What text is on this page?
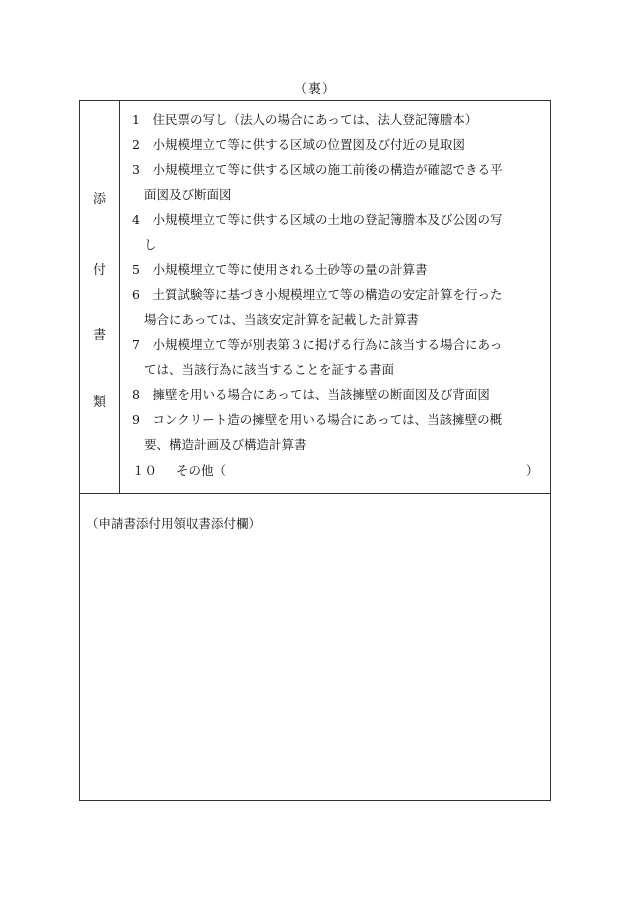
（裏）
添
付
書
類
1　住民票の写し（法人の場合にあっては、法人登記簿謄本）
2　小規模埋立て等に供する区域の位置図及び付近の見取図
3　小規模埋立て等に供する区域の施工前後の構造が確認できる平
面図及び断面図
4　小規模埋立て等に供する区域の土地の登記簿謄本及び公図の写
し
5　小規模埋立て等に使用される土砂等の量の計算書
6　土質試験等に基づき小規模埋立て等の構造の安定計算を行った
場合にあっては、当該安定計算を記載した計算書
7　小規模埋立て等が別表第３に掲げる行為に該当する場合にあっ
ては、当該行為に該当することを証する書面
8　擁壁を用いる場合にあっては、当該擁壁の断面図及び背面図
9　コンクリート造の擁壁を用いる場合にあっては、当該擁壁の概
要、構造計画及び構造計算書
１０ その他（	）
（申請書添付用領収書添付欄）
